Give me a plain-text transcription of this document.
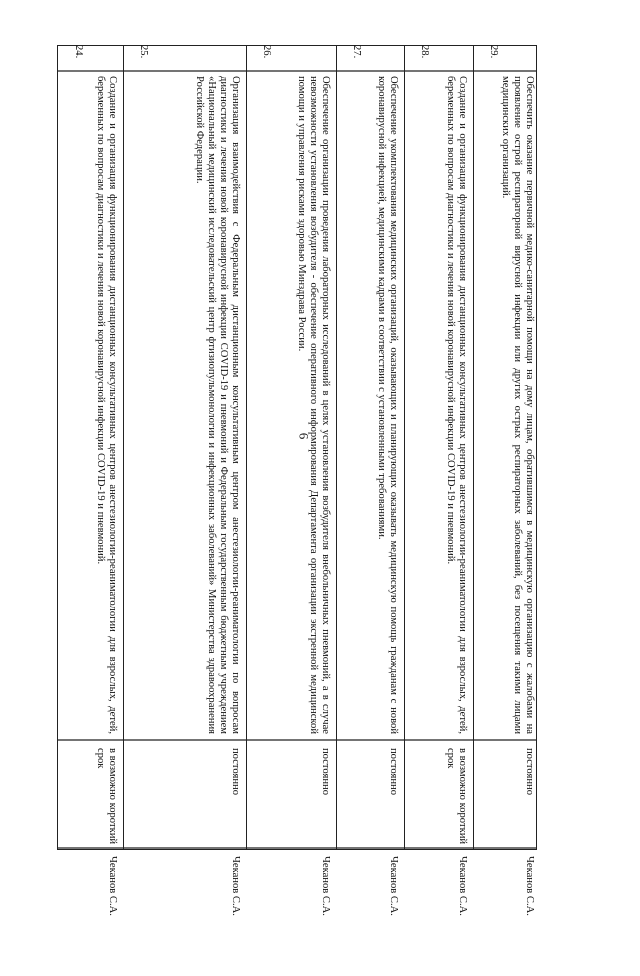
6
24.
Создание и организация функционирования дистанционных консультативных центров анестезиологии-реаниматологии для взрослых, детей, беременных по вопросам диагностики и лечения новой коронавирусной инфекции COVID-19 и пневмоний.
в возможно короткий срок
Чеканов С.А.
25.
Организация взаимодействия с Федеральным дистанционным консультативным центром анестезиологии-реаниматологии по вопросам диагностики и лечения новой коронавирусной инфекции COVID-19 и пневмоний и Федеральным государственным бюджетным учреждением «Национальный медицинский исследовательский центр фтизиопульмонологии и инфекционных заболеваний» Министерства здравоохранения Российской Федерации.
постоянно
Чеканов С.А.
26.
Обеспечение организации проведения лабораторных исследований в целях установления возбудителя внебольничных пневмоний, а в случае невозможности установления возбудителя - обеспечение оперативного информирования Департамента организации экстренной медицинской помощи и управления рисками здоровью Минздрава России.
постоянно
Чеканов С.А.
27.
Обеспечение укомплектования медицинских организаций, оказывающих и планирующих оказывать медицинскую помощь гражданам с новой коронавирусной инфекцией, медицинскими кадрами в соответствии с установленными требованиями.
постоянно
Чеканов С.А.
28.
Создание и организация функционирования дистанционных консультативных центров анестезиологии-реаниматологии для взрослых, детей, беременных по вопросам диагностики и лечения новой коронавирусной инфекции COVID-19 и пневмоний.
в возможно короткий срок
Чеканов С.А.
29.
Обеспечить оказание первичной медико-санитарной помощи на дому лицам, обратившимся в медицинскую организацию с жалобами на проявление острой респираторной вирусной инфекции или других острых респираторных заболеваний, без посещения такими лицами медицинских организаций.
постоянно
Чеканов С.А.
